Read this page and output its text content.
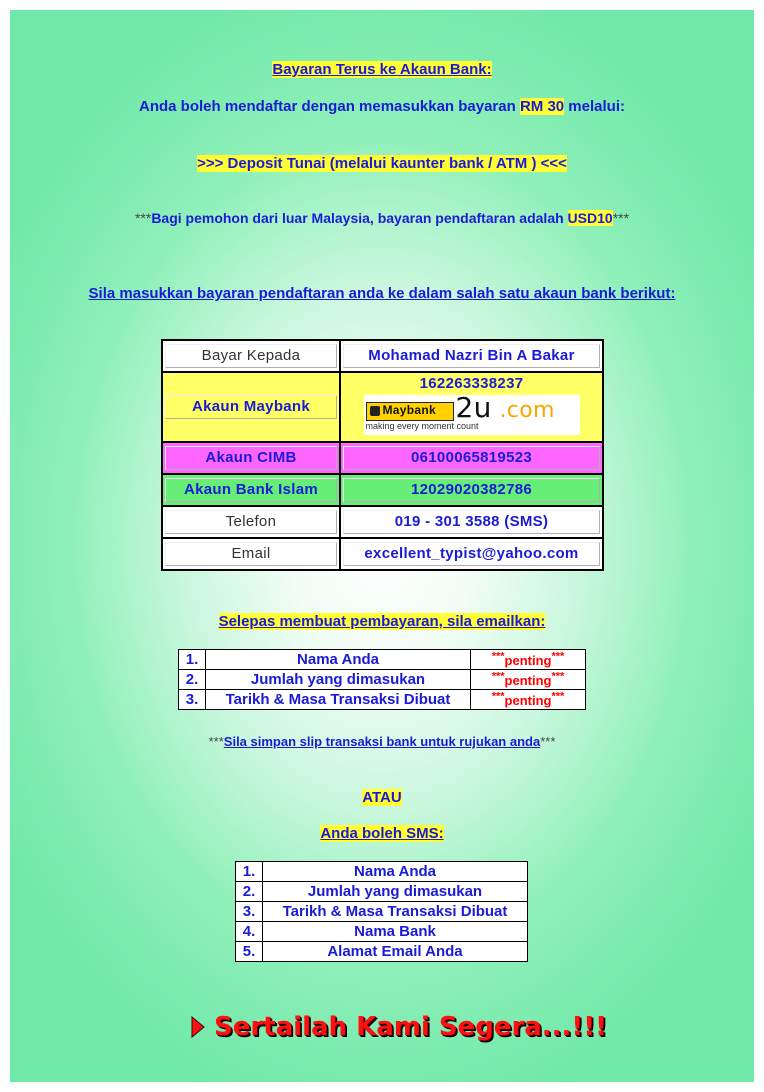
Bayaran Terus ke Akaun Bank:
Anda boleh mendaftar dengan memasukkan bayaran RM 30 melalui:
>>> Deposit Tunai (melalui kaunter bank / ATM ) <<<
***Bagi pemohon dari luar Malaysia, bayaran pendaftaran adalah USD10***
Sila masukkan bayaran pendaftaran anda ke dalam salah satu akaun bank berikut:
Bayar Kepada	Mohamad Nazri Bin A Bakar

Akaun Maybank	162263338237
Maybank 2u .com
making every moment count

Akaun CIMB	06100065819523

Akaun Bank Islam	12029020382786

Telefon	019 - 301 3588 (SMS)

Email	excellent_typist@yahoo.com
Selepas membuat pembayaran, sila emailkan:
1.	Nama Anda	***penting***
2.	Jumlah yang dimasukan	***penting***
3.	Tarikh & Masa Transaksi Dibuat	***penting***
***Sila simpan slip transaksi bank untuk rujukan anda***
ATAU
Anda boleh SMS:
1.	Nama Anda
2.	Jumlah yang dimasukan
3.	Tarikh & Masa Transaksi Dibuat
4.	Nama Bank
5.	Alamat Email Anda
Sertailah Kami Segera...!!!
